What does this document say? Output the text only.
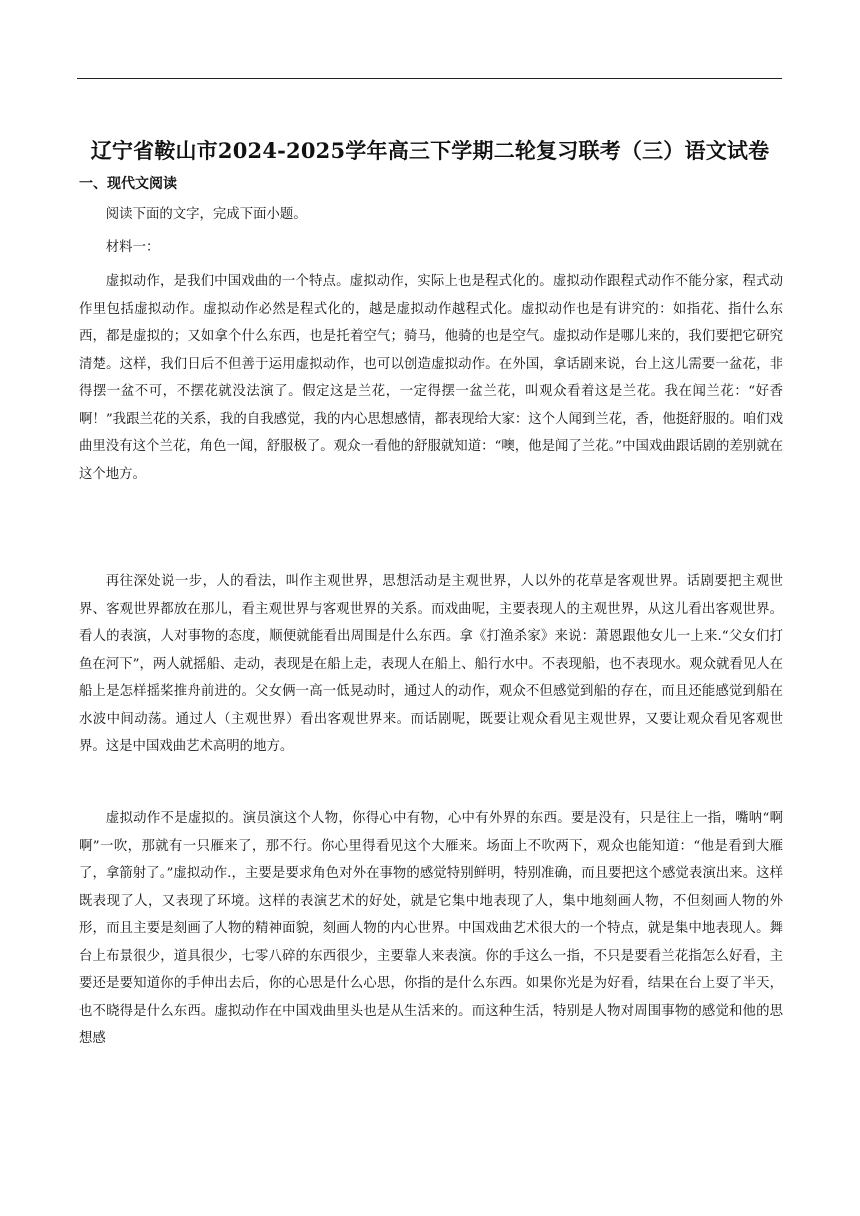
辽宁省鞍山市2024-2025学年高三下学期二轮复习联考（三）语文试卷
一、现代文阅读

阅读下面的文字，完成下面小题。

材料一：

虚拟动作，是我们中国戏曲的一个特点。虚拟动作，实际上也是程式化的。虚拟动作跟程式动作不能分家，程式动作里包括虚拟动作。虚拟动作必然是程式化的，越是虚拟动作越程式化。虚拟动作也是有讲究的：如指花、指什么东西，都是虚拟的；又如拿个什么东西，也是托着空气；骑马，他骑的也是空气。虚拟动作是哪儿来的，我们要把它研究清楚。这样，我们日后不但善于运用虚拟动作，也可以创造虚拟动作。在外国，拿话剧来说，台上这儿需要一盆花，非得摆一盆不可，不摆花就没法演了。假定这是兰花，一定得摆一盆兰花，叫观众看着这是兰花。我在闻兰花：“好香啊！”我跟兰花的关系，我的自我感觉，我的内心思想感情，都表现给大家：这个人闻到兰花，香，他挺舒服的。咱们戏曲里没有这个兰花，角色一闻，舒服极了。观众一看他的舒服就知道：“噢，他是闻了兰花。”中国戏曲跟话剧的差别就在这个地方。

再往深处说一步，人的看法，叫作主观世界，思想活动是主观世界，人以外的花草是客观世界。话剧要把主观世界、客观世界都放在那儿，看主观世界与客观世界的关系。而戏曲呢，主要表现人的主观世界，从这儿看出客观世界。看人的表演，人对事物的态度，顺便就能看出周围是什么东西。拿《打渔杀家》来说：萧恩跟他女儿一上来.“父女们打鱼在河下”，两人就摇船、走动，表现是在船上走，表现人在船上、船行水中。不表现船，也不表现水。观众就看见人在船上是怎样摇桨推舟前进的。父女俩一高一低晃动时，通过人的动作，观众不但感觉到船的存在，而且还能感觉到船在水波中间动荡。通过人（主观世界）看出客观世界来。而话剧呢，既要让观众看见主观世界，又要让观众看见客观世界。这是中国戏曲艺术高明的地方。

虚拟动作不是虚拟的。演员演这个人物，你得心中有物，心中有外界的东西。要是没有，只是往上一指，嘴呐“啊啊”一吹，那就有一只雁来了，那不行。你心里得看见这个大雁来。场面上不吹两下，观众也能知道：“他是看到大雁了，拿箭射了。”虚拟动作.，主要是要求角色对外在事物的感觉特别鲜明，特别准确，而且要把这个感觉表演出来。这样既表现了人，又表现了环境。这样的表演艺术的好处，就是它集中地表现了人，集中地刻画人物，不但刻画人物的外形，而且主要是刻画了人物的精神面貌，刻画人物的内心世界。中国戏曲艺术很大的一个特点，就是集中地表现人。舞台上布景很少，道具很少，七零八碎的东西很少，主要靠人来表演。你的手这么一指，不只是要看兰花指怎么好看，主要还是要知道你的手伸出去后，你的心思是什么心思，你指的是什么东西。如果你光是为好看，结果在台上耍了半天，也不晓得是什么东西。虚拟动作在中国戏曲里头也是从生活来的。而这种生活，特别是人物对周围事物的感觉和他的思想感
